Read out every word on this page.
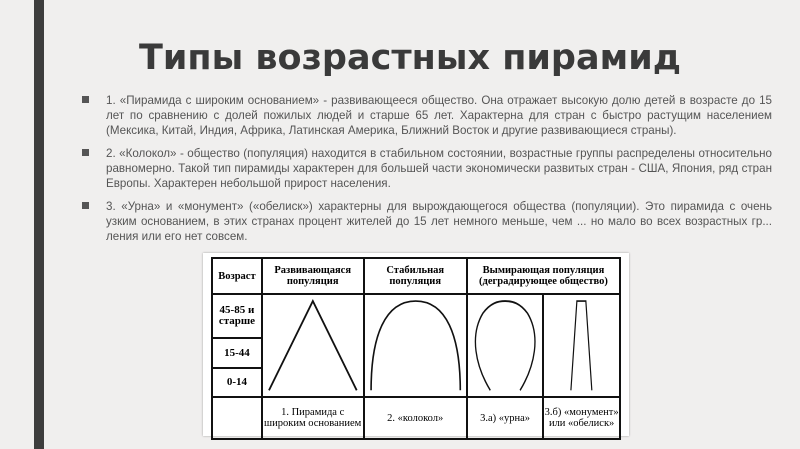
Типы возрастных пирамид
1. «Пирамида с широким основанием» - развивающееся общество. Она отражает высокую долю детей в возрасте до 15 лет по сравнению с долей пожилых людей и старше 65 лет. Характерна для стран с быстро растущим населением (Мексика, Китай, Индия, Африка, Латинская Америка, Ближний Восток и другие развивающиеся страны).
2. «Колокол» - общество (популяция) находится в стабильном состоянии, возрастные группы распределены относительно равномерно. Такой тип пирамиды характерен для большей части экономически развитых стран - США, Япония, ряд стран Европы. Характерен небольшой прирост населения.
3. «Урна» и «монумент» («обелиск») характерны для вырождающегося общества (популяции). Это пирамида с очень узким основанием, в этих странах процент жителей до 15 лет немного меньше, чем ... но мало во всех возрастных гр... ления или его нет совсем.
Возраст	Развивающаяся популяция	Стабильная популяция	Вымирающая популяция (деградирующее общество)	
45-85 и старше	

15-44				
0-14				
	1. Пирамида с широким основанием	2. «колокол»	3.а) «урна»	3.б) «монумент» или «обелиск»
